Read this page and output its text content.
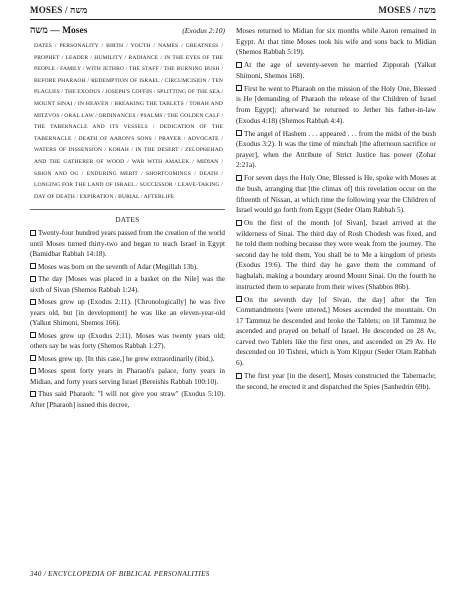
MOSES / משה	MOSES / משה
משה — Moses	(Exodus 2:10)
DATES / PERSONALITY / BIRTH / YOUTH / NAMES / GREATNESS / PROPHET / LEADER / HUMILITY / RADIANCE / IN THE EYES OF THE PEOPLE / FAMILY / WITH JETHRO / THE STAFF / THE BURNING BUSH / BEFORE PHARAOH / REDEMPTION OF ISRAEL / CIRCUMCISION / TEN PLAGUES / THE EXODUS / JOSEPH'S COFFIN / SPLITTING OF THE SEA / MOUNT SINAI / IN HEAVEN / BREAKING THE TABLETS / TORAH AND MITZVOS / ORAL LAW / ORDINANCES / PSALMS / THE GOLDEN CALF / THE TABERNACLE AND ITS VESSELS / DEDICATION OF THE TABERNACLE / DEATH OF AARON'S SONS / PRAYER / ADVOCATE / WATERS OF DISSENSION / KORAH / IN THE DESERT / ZELOPHEHAD AND THE GATHERER OF WOOD / WAR WITH AMALEK / MIDIAN / SIHON AND OG / ENDURING MERIT / SHORTCOMINGS / DEATH / LONGING FOR THE LAND OF ISRAEL / SUCCESSOR / LEAVE-TAKING / DAY OF DEATH / EXPIRATION / BURIAL / AFTERLIFE
DATES
Twenty-four hundred years passed from the creation of the world until Moses turned thirty-two and began to teach Israel in Egypt (Bamidbar Rabbah 14:18).
Moses was born on the seventh of Adar (Megillah 13b).
The day [Moses was placed in a basket on the Nile] was the sixth of Sivan (Shemos Rabbah 1:24).
Moses grew up (Exodus 2:11). [Chronologically] he was five years old, but [in development] he was like an eleven-year-old (Yalkut Shimoni, Shemos 166).
Moses grew up (Exodus 2:11). Moses was twenty years old; others say he was forty (Shemos Rabbah 1:27).
Moses grew up. [In this case,] he grew extraordinarily (ibid.).
Moses spent forty years in Pharaoh's palace, forty years in Midian, and forty years serving Israel (Bereishis Rabbah 100:10).
Thus said Pharaoh: "I will not give you straw" (Exodus 5:10). After [Pharaoh] issued this decree,
Moses returned to Midian for six months while Aaron remained in Egypt. At that time Moses took his wife and sons back to Midian (Shemos Rabbah 5:19).
At the age of seventy-seven he married Zipporah (Yalkut Shimoni, Shemos 168).
First he went to Pharaoh on the mission of the Holy One, Blessed is He [demanding of Pharaoh the release of the Children of Israel from Egypt]; afterward he returned to Jether his father-in-law (Exodus 4:18) (Shemos Rabbah 4:4).
The angel of Hashem . . . appeared . . . from the midst of the bush (Exodus 3:2). It was the time of minchah [the afternoon sacrifice or prayer], when the Attribute of Strict Justice has power (Zohar 2:21a).
For seven days the Holy One, Blessed is He, spoke with Moses at the bush, arranging that [the climax of] this revelation occur on the fifteenth of Nissan, at which time the following year the Children of Israel would go forth from Egypt (Seder Olam Rabbah 5).
On the first of the month [of Sivan], Israel arrived at the wilderness of Sinai. The third day of Rosh Chodesh was fixed, and he told them nothing because they were weak from the journey. The second day he told them, You shall be to Me a kingdom of priests (Exodus 19:6). The third day he gave them the command of hagbalah, making a boundary around Mount Sinai. On the fourth he instructed them to separate from their wives (Shabbos 86b).
On the seventh day [of Sivan, the day] after the Ten Commandments [were uttered,] Moses ascended the mountain. On 17 Tammuz he descended and broke the Tablets; on 18 Tammuz he ascended and prayed on behalf of Israel. He descended on 28 Av, carved two Tablets like the first ones, and ascended on 29 Av. He descended on 10 Tishrei, which is Yom Kippur (Seder Olam Rabbah 6).
The first year [in the desert], Moses constructed the Tabernacle; the second, he erected it and dispatched the Spies (Sanhedrin 69b).
340 / ENCYCLOPEDIA OF BIBLICAL PERSONALITIES
